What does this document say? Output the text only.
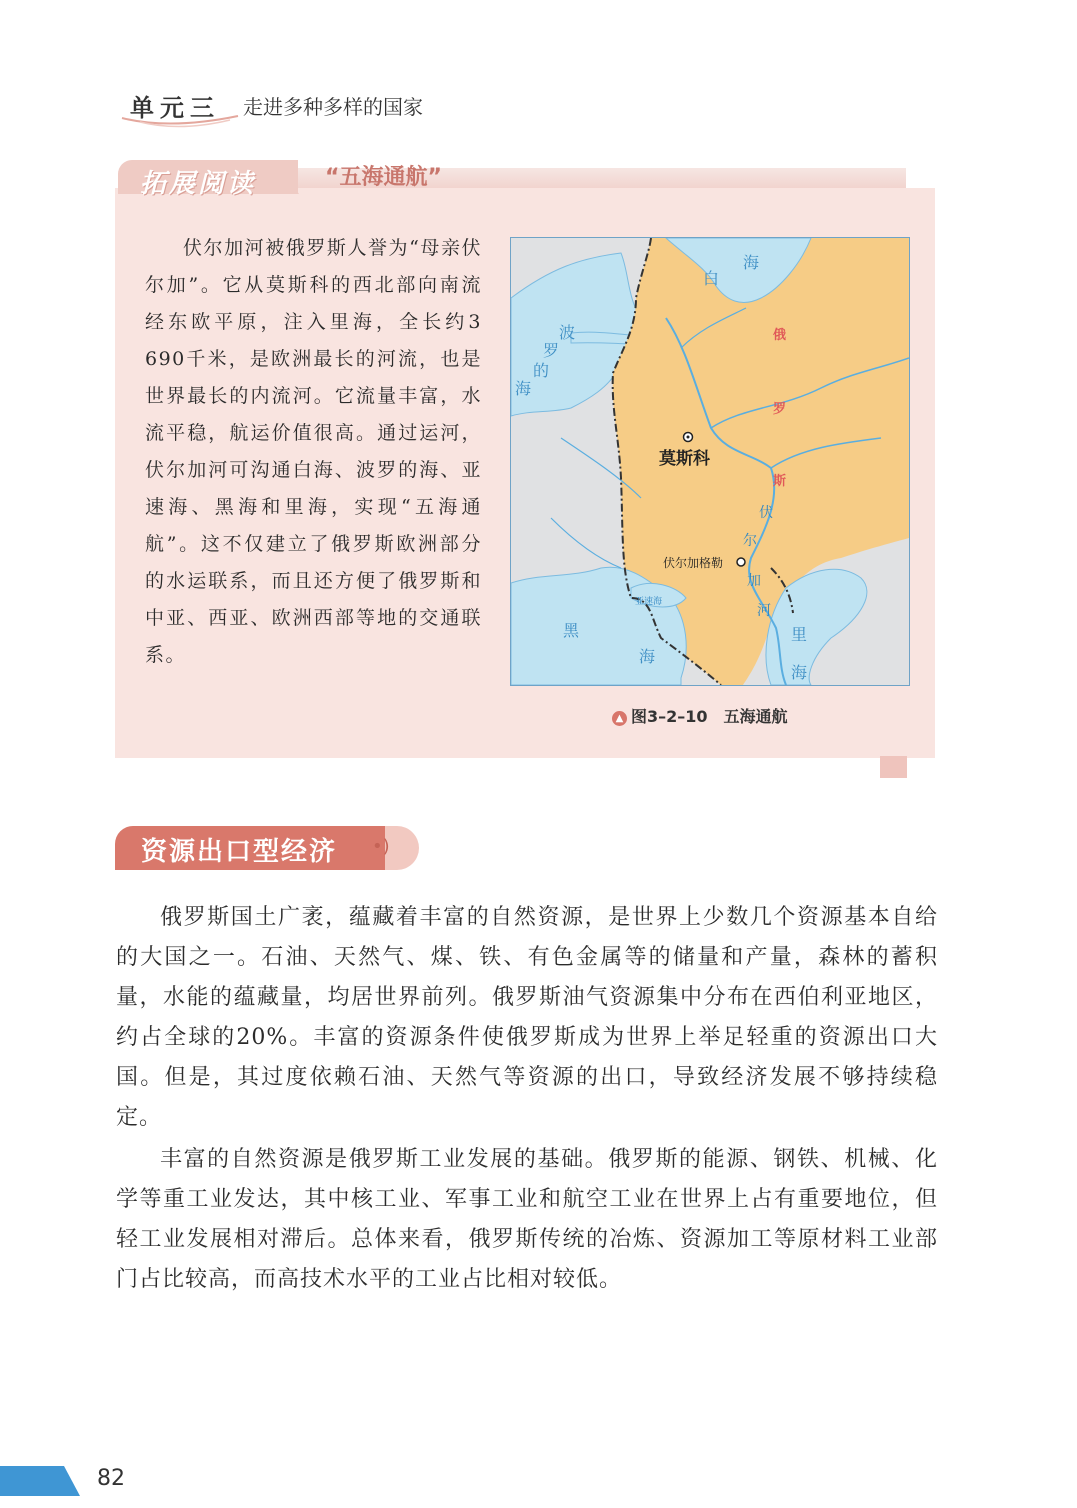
单元三 走进多种多样的国家
拓展阅读	“五海通航”

伏尔加河被俄罗斯人誉为“母亲伏尔加”。它从莫斯科的西北部向南流经东欧平原，注入里海，全长约3 690千米，是欧洲最长的河流，也是世界最长的内流河。它流量丰富，水流平稳，航运价值很高。通过运河，伏尔加河可沟通白海、波罗的海、亚速海、黑海和里海，实现“五海通航”。这不仅建立了俄罗斯欧洲部分的水运联系，而且还方便了俄罗斯和中亚、西亚、欧洲西部等地的交通联系。

白
海
波
罗
的
海
俄
罗
斯
莫斯科
伏尔加格勒
伏
尔
加
河
亚速海
黑
海
里
海
▲ 图3–2–10　五海通航
资源出口型经济 •)

俄罗斯国土广袤，蕴藏着丰富的自然资源，是世界上少数几个资源基本自给的大国之一。石油、天然气、煤、铁、有色金属等的储量和产量，森林的蓄积量，水能的蕴藏量，均居世界前列。俄罗斯油气资源集中分布在西伯利亚地区，约占全球的20%。丰富的资源条件使俄罗斯成为世界上举足轻重的资源出口大国。但是，其过度依赖石油、天然气等资源的出口，导致经济发展不够持续稳定。

丰富的自然资源是俄罗斯工业发展的基础。俄罗斯的能源、钢铁、机械、化学等重工业发达，其中核工业、军事工业和航空工业在世界上占有重要地位，但轻工业发展相对滞后。总体来看，俄罗斯传统的冶炼、资源加工等原材料工业部门占比较高，而高技术水平的工业占比相对较低。

82
